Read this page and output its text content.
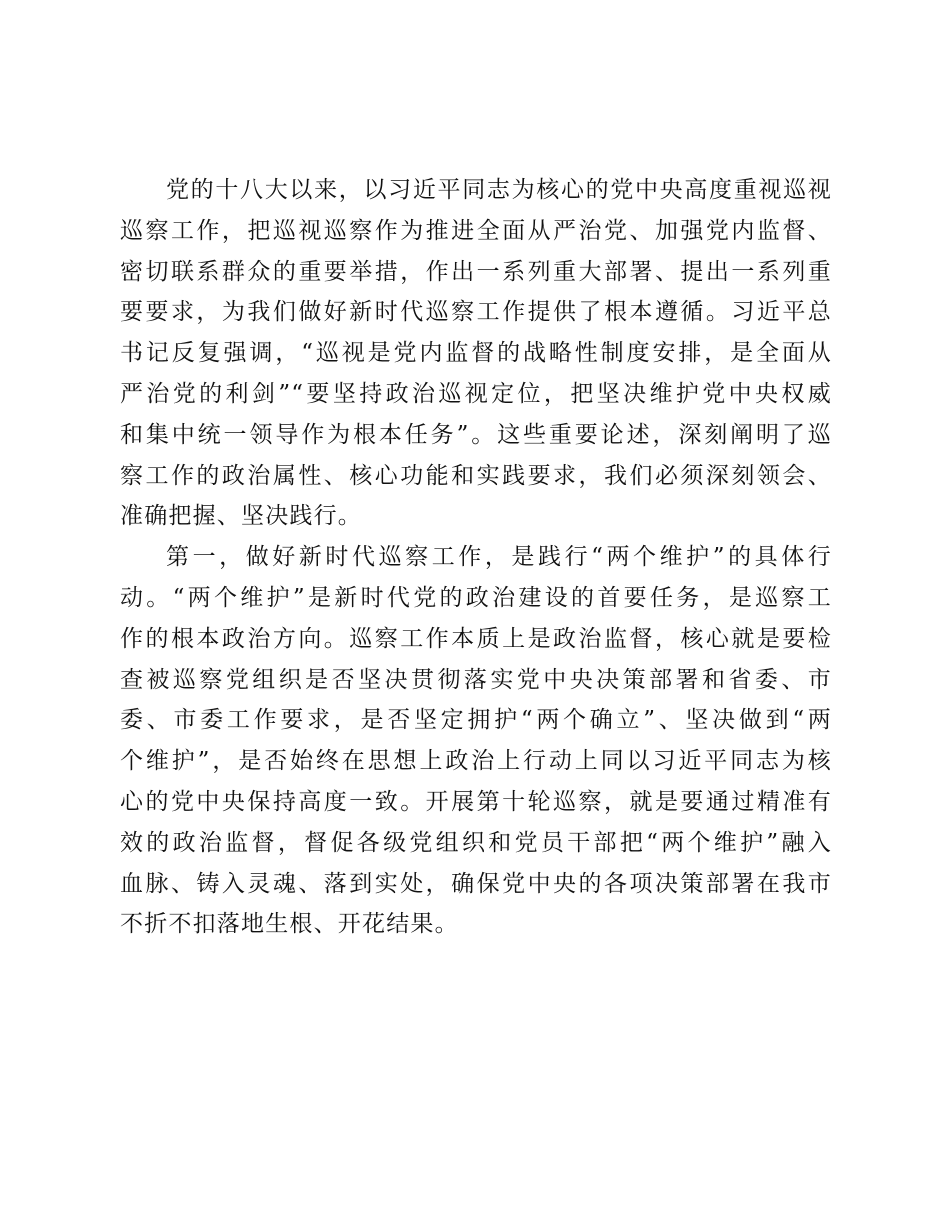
党的十八大以来，以习近平同志为核心的党中央高度重视巡视
巡察工作，把巡视巡察作为推进全面从严治党、加强党内监督、
密切联系群众的重要举措，作出一系列重大部署、提出一系列重
要要求，为我们做好新时代巡察工作提供了根本遵循。习近平总
书记反复强调，“巡视是党内监督的战略性制度安排，是全面从
严治党的利剑”“要坚持政治巡视定位，把坚决维护党中央权威
和集中统一领导作为根本任务”。这些重要论述，深刻阐明了巡
察工作的政治属性、核心功能和实践要求，我们必须深刻领会、
准确把握、坚决践行。
第一，做好新时代巡察工作，是践行“两个维护”的具体行
动。“两个维护”是新时代党的政治建设的首要任务，是巡察工
作的根本政治方向。巡察工作本质上是政治监督，核心就是要检
查被巡察党组织是否坚决贯彻落实党中央决策部署和省委、市
委、市委工作要求，是否坚定拥护“两个确立”、坚决做到“两
个维护”，是否始终在思想上政治上行动上同以习近平同志为核
心的党中央保持高度一致。开展第十轮巡察，就是要通过精准有
效的政治监督，督促各级党组织和党员干部把“两个维护”融入
血脉、铸入灵魂、落到实处，确保党中央的各项决策部署在我市
不折不扣落地生根、开花结果。
